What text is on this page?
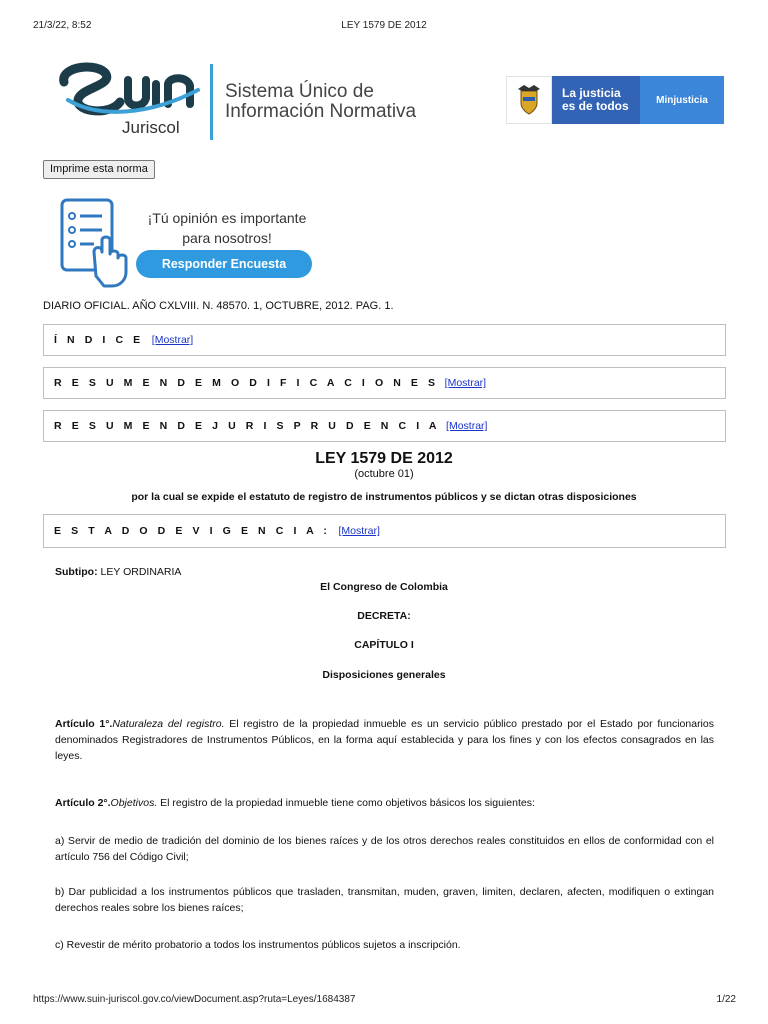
21/3/22, 8:52	LEY 1579 DE 2012
Juriscol
Sistema Único de
Información Normativa
La justicia
es de todos	Minjusticia
Imprime esta norma
¡Tú opinión es importante
para nosotros!
Responder Encuesta
DIARIO OFICIAL. AÑO CXLVIII. N. 48570. 1, OCTUBRE, 2012. PAG. 1.
Í N D I C E [Mostrar]
R E S U M E N D E M O D I F I C A C I O N E S [Mostrar]
R E S U M E N D E J U R I S P R U D E N C I A [Mostrar]
LEY 1579 DE 2012
(octubre 01)
por la cual se expide el estatuto de registro de instrumentos públicos y se dictan otras disposiciones
E S T A D O D E V I G E N C I A : [Mostrar]
Subtipo: LEY ORDINARIA
El Congreso de Colombia
DECRETA:
CAPÍTULO I
Disposiciones generales
Artículo 1°.Naturaleza del registro. El registro de la propiedad inmueble es un servicio público prestado por el Estado por funcionarios denominados Registradores de Instrumentos Públicos, en la forma aquí establecida y para los fines y con los efectos consagrados en las leyes.
Artículo 2°.Objetivos. El registro de la propiedad inmueble tiene como objetivos básicos los siguientes:
a) Servir de medio de tradición del dominio de los bienes raíces y de los otros derechos reales constituidos en ellos de conformidad con el artículo 756 del Código Civil;
b) Dar publicidad a los instrumentos públicos que trasladen, transmitan, muden, graven, limiten, declaren, afecten, modifiquen o extingan derechos reales sobre los bienes raíces;
c) Revestir de mérito probatorio a todos los instrumentos públicos sujetos a inscripción.
https://www.suin-juriscol.gov.co/viewDocument.asp?ruta=Leyes/1684387	1/22
